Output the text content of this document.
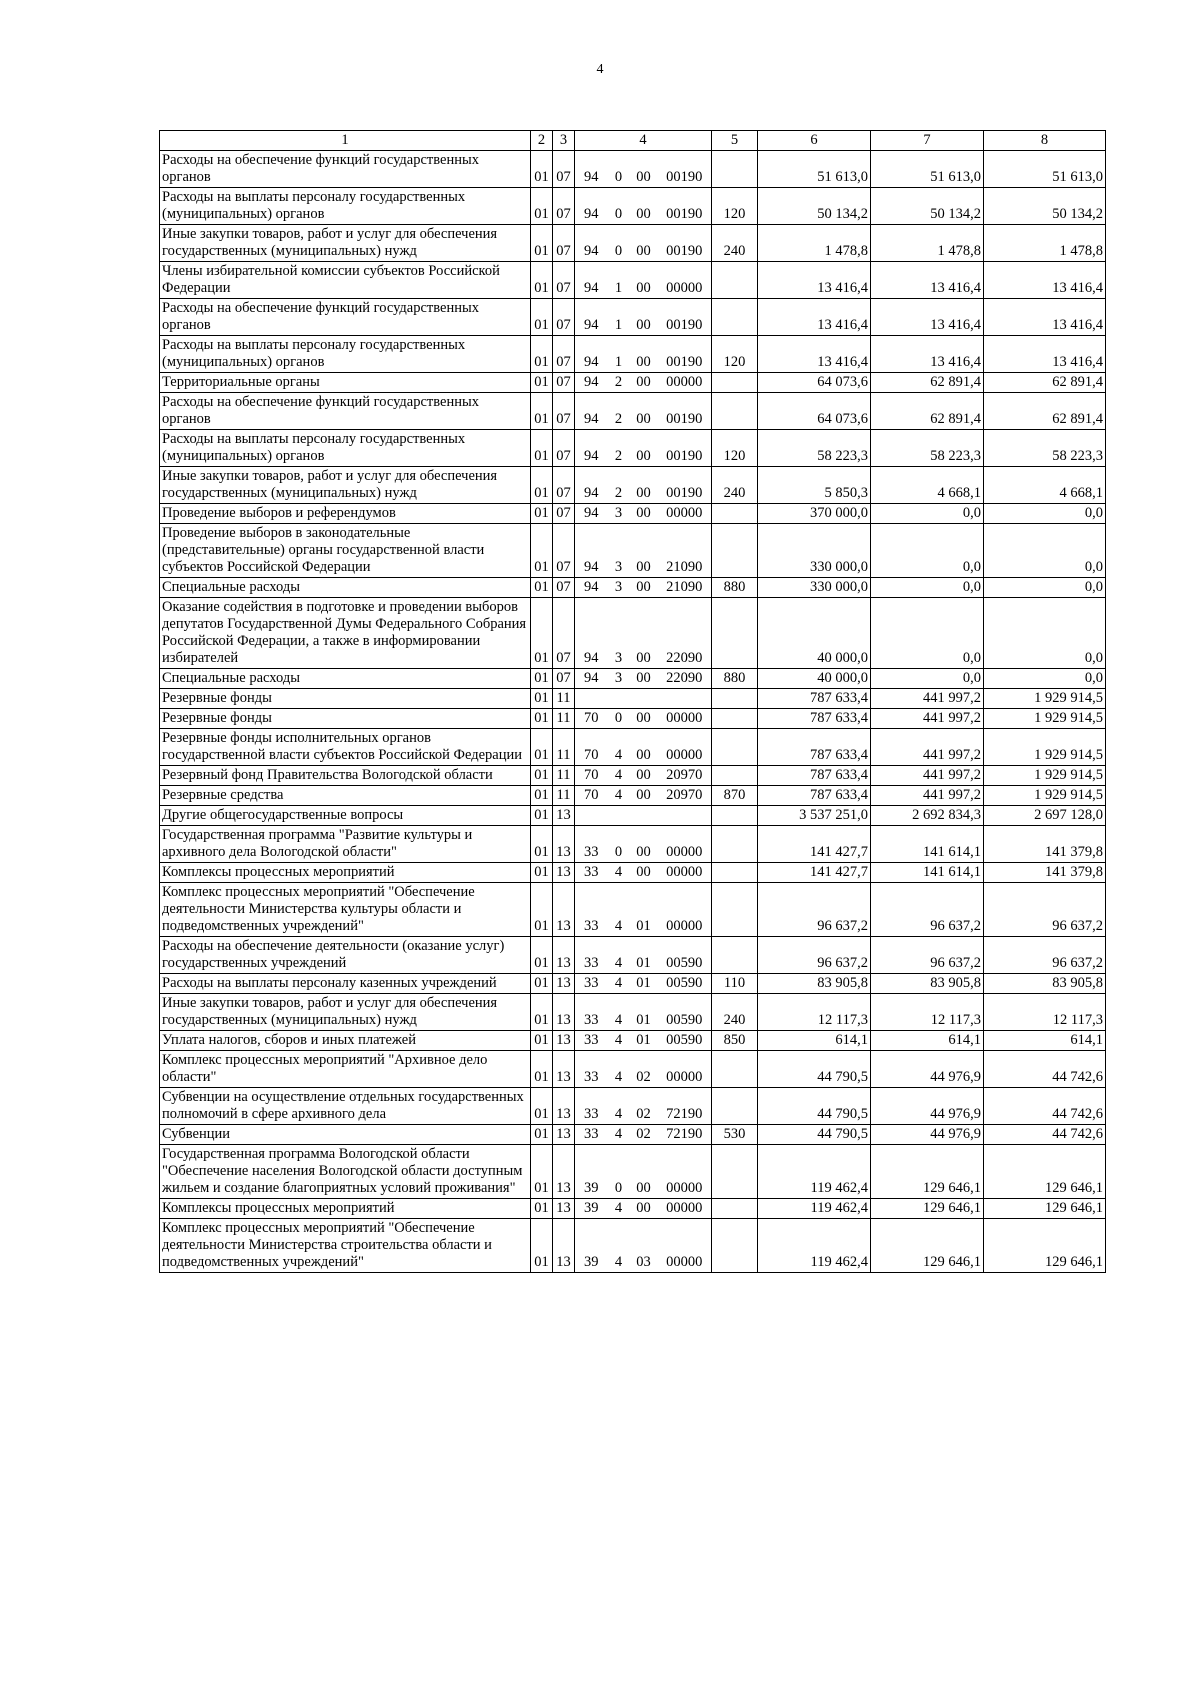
4
1	2	3	4				5	6	7	8
Расходы на обеспечение функций государственных органов	01	07	94	0	00	00190		51 613,0	51 613,0	51 613,0
Расходы на выплаты персоналу государственных (муниципальных) органов	01	07	94	0	00	00190	120	50 134,2	50 134,2	50 134,2
Иные закупки товаров, работ и услуг для обеспечения государственных (муниципальных) нужд	01	07	94	0	00	00190	240	1 478,8	1 478,8	1 478,8
Члены избирательной комиссии субъектов Российской Федерации	01	07	94	1	00	00000		13 416,4	13 416,4	13 416,4
Расходы на обеспечение функций государственных органов	01	07	94	1	00	00190		13 416,4	13 416,4	13 416,4
Расходы на выплаты персоналу государственных (муниципальных) органов	01	07	94	1	00	00190	120	13 416,4	13 416,4	13 416,4
Территориальные органы	01	07	94	2	00	00000		64 073,6	62 891,4	62 891,4
Расходы на обеспечение функций государственных органов	01	07	94	2	00	00190		64 073,6	62 891,4	62 891,4
Расходы на выплаты персоналу государственных (муниципальных) органов	01	07	94	2	00	00190	120	58 223,3	58 223,3	58 223,3
Иные закупки товаров, работ и услуг для обеспечения государственных (муниципальных) нужд	01	07	94	2	00	00190	240	5 850,3	4 668,1	4 668,1
Проведение выборов и референдумов	01	07	94	3	00	00000		370 000,0	0,0	0,0
Проведение выборов в законодательные (представительные) органы государственной власти субъектов Российской Федерации	01	07	94	3	00	21090		330 000,0	0,0	0,0
Специальные расходы	01	07	94	3	00	21090	880	330 000,0	0,0	0,0
Оказание содействия в подготовке и проведении выборов депутатов Государственной Думы Федерального Собрания Российской Федерации, а также в информировании избирателей	01	07	94	3	00	22090		40 000,0	0,0	0,0
Специальные расходы	01	07	94	3	00	22090	880	40 000,0	0,0	0,0
Резервные фонды	01	11						787 633,4	441 997,2	1 929 914,5
Резервные фонды	01	11	70	0	00	00000		787 633,4	441 997,2	1 929 914,5
Резервные фонды исполнительных органов государственной власти субъектов Российской Федерации	01	11	70	4	00	00000		787 633,4	441 997,2	1 929 914,5
Резервный фонд Правительства Вологодской области	01	11	70	4	00	20970		787 633,4	441 997,2	1 929 914,5
Резервные средства	01	11	70	4	00	20970	870	787 633,4	441 997,2	1 929 914,5
Другие общегосударственные вопросы	01	13						3 537 251,0	2 692 834,3	2 697 128,0
Государственная программа "Развитие культуры и архивного дела Вологодской области"	01	13	33	0	00	00000		141 427,7	141 614,1	141 379,8
Комплексы процессных мероприятий	01	13	33	4	00	00000		141 427,7	141 614,1	141 379,8
Комплекс процессных мероприятий "Обеспечение деятельности Министерства культуры области и подведомственных учреждений"	01	13	33	4	01	00000		96 637,2	96 637,2	96 637,2
Расходы на обеспечение деятельности (оказание услуг) государственных учреждений	01	13	33	4	01	00590		96 637,2	96 637,2	96 637,2
Расходы на выплаты персоналу казенных учреждений	01	13	33	4	01	00590	110	83 905,8	83 905,8	83 905,8
Иные закупки товаров, работ и услуг для обеспечения государственных (муниципальных) нужд	01	13	33	4	01	00590	240	12 117,3	12 117,3	12 117,3
Уплата налогов, сборов и иных платежей	01	13	33	4	01	00590	850	614,1	614,1	614,1
Комплекс процессных мероприятий "Архивное дело области"	01	13	33	4	02	00000		44 790,5	44 976,9	44 742,6
Субвенции на осуществление отдельных государственных полномочий в сфере архивного дела	01	13	33	4	02	72190		44 790,5	44 976,9	44 742,6
Субвенции	01	13	33	4	02	72190	530	44 790,5	44 976,9	44 742,6
Государственная программа Вологодской области "Обеспечение населения Вологодской области доступным жильем и создание благоприятных условий проживания"	01	13	39	0	00	00000		119 462,4	129 646,1	129 646,1
Комплексы процессных мероприятий	01	13	39	4	00	00000		119 462,4	129 646,1	129 646,1
Комплекс процессных мероприятий "Обеспечение деятельности Министерства строительства области и подведомственных учреждений"	01	13	39	4	03	00000		119 462,4	129 646,1	129 646,1
